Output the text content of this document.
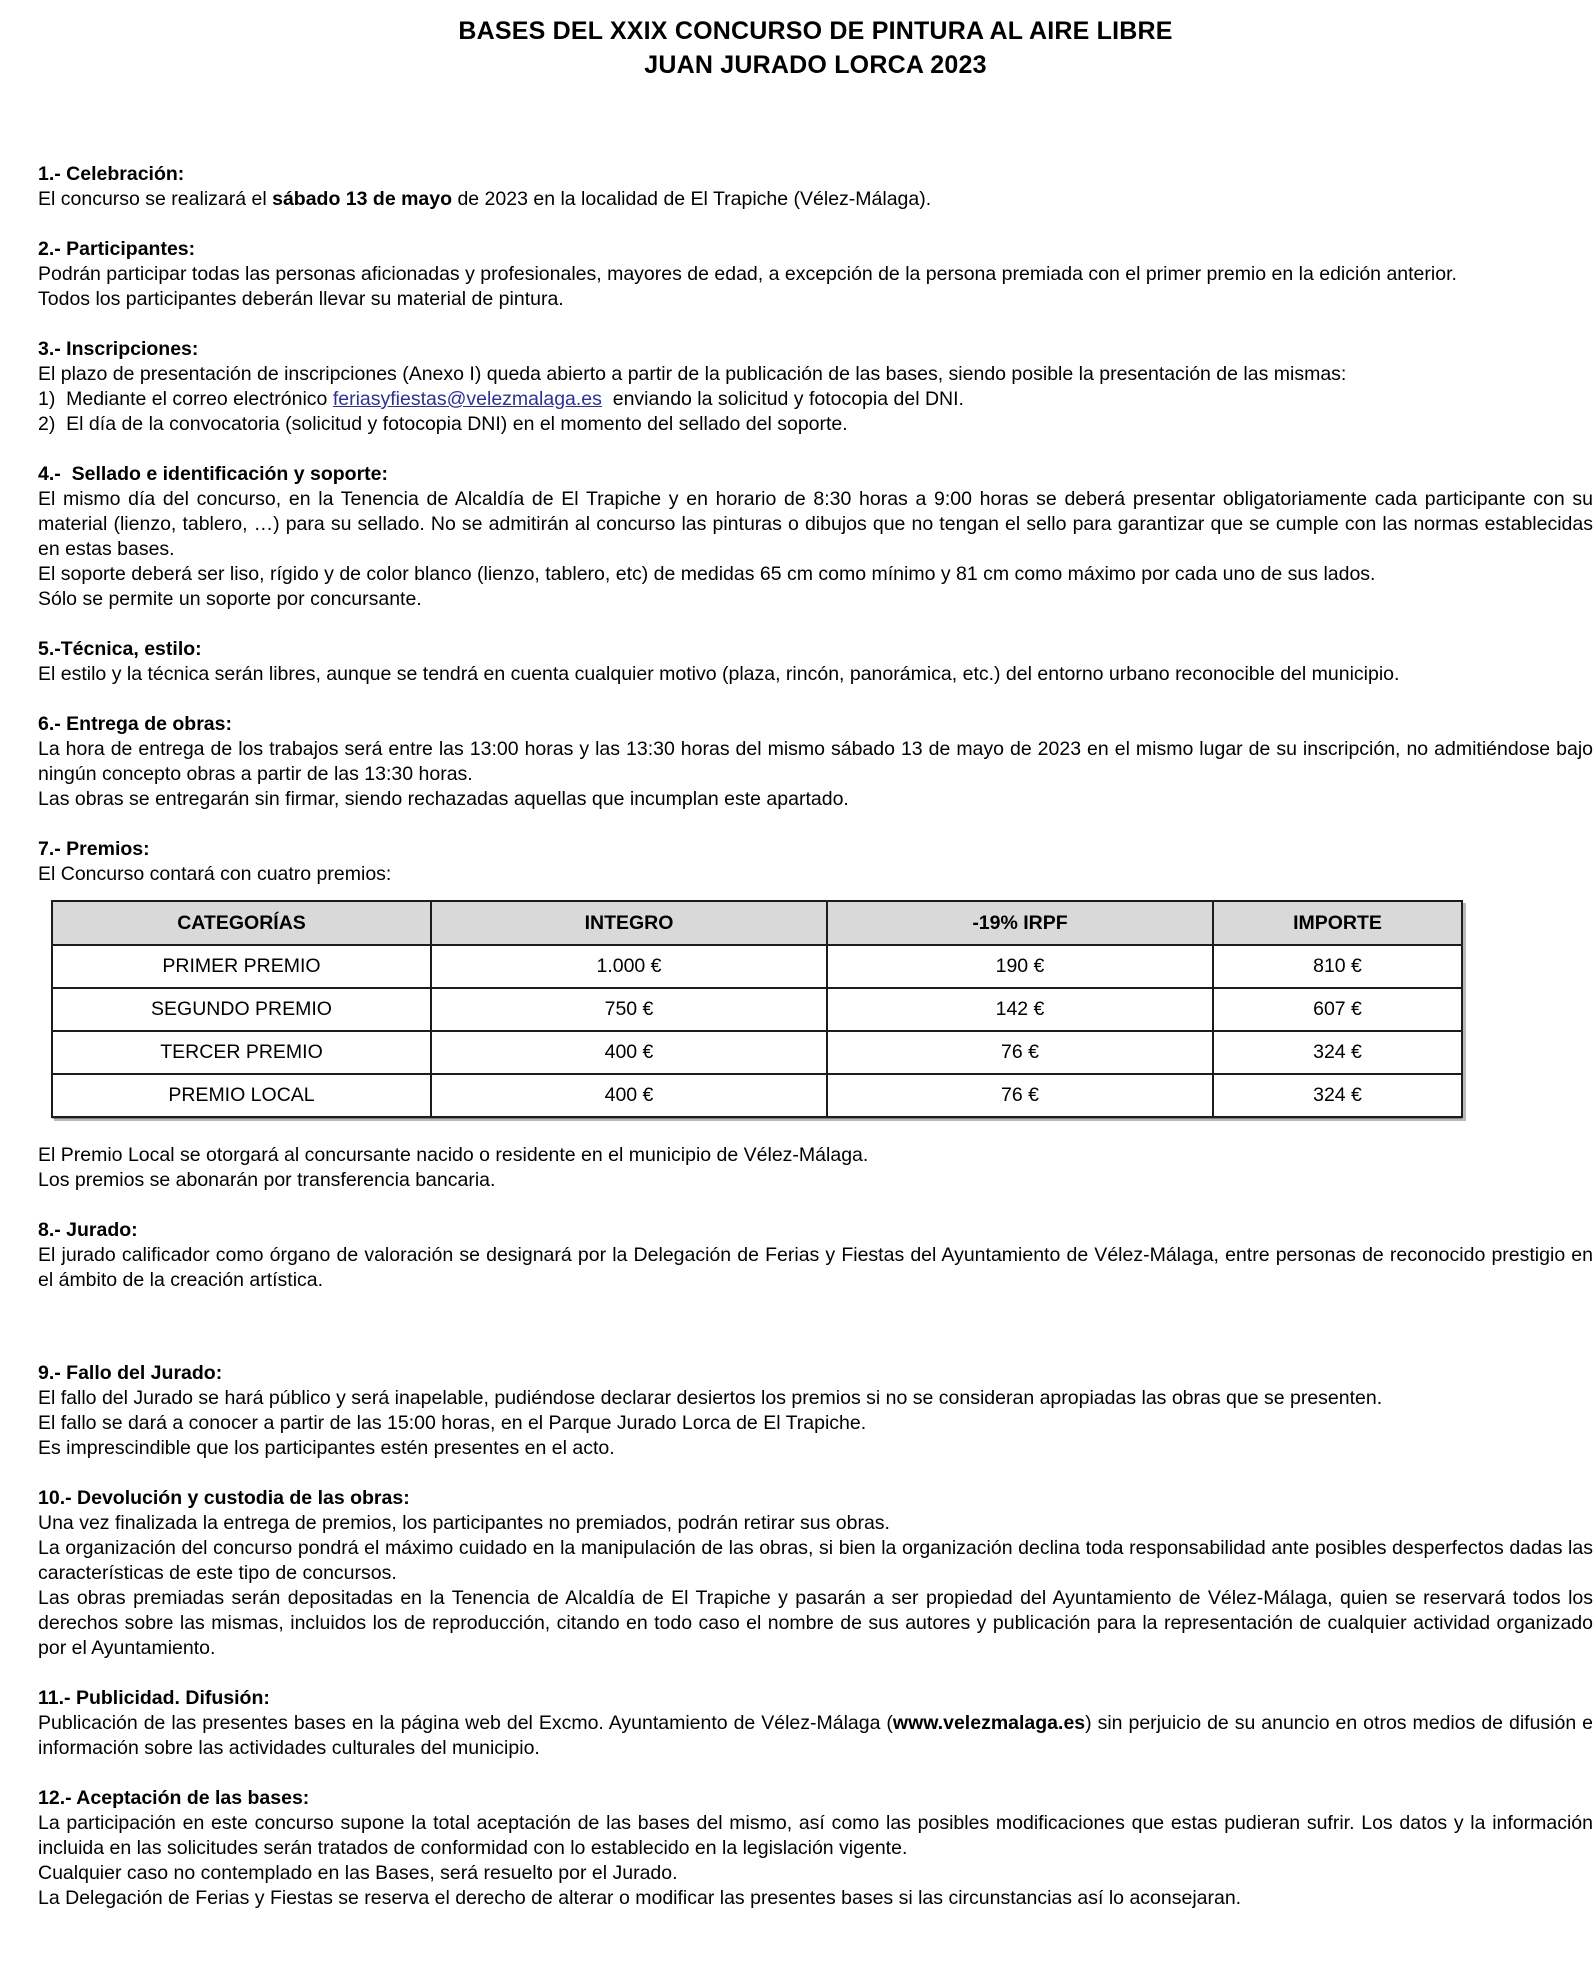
BASES DEL XXIX CONCURSO DE PINTURA AL AIRE LIBRE
JUAN JURADO LORCA 2023

1.- Celebración:

El concurso se realizará el sábado 13 de mayo de 2023 en la localidad de El Trapiche (Vélez-Málaga).

2.- Participantes:

Podrán participar todas las personas aficionadas y profesionales, mayores de edad, a excepción de la persona premiada con el primer premio en la edición anterior.

Todos los participantes deberán llevar su material de pintura.

3.- Inscripciones:

El plazo de presentación de inscripciones (Anexo I) queda abierto a partir de la publicación de las bases, siendo posible la presentación de las mismas:

1)  Mediante el correo electrónico feriasyfiestas@velezmalaga.es  enviando la solicitud y fotocopia del DNI.

2)  El día de la convocatoria (solicitud y fotocopia DNI) en el momento del sellado del soporte.

4.-  Sellado e identificación y soporte:

El mismo día del concurso, en la Tenencia de Alcaldía de El Trapiche y en horario de 8:30 horas a 9:00 horas se deberá presentar obligatoriamente cada participante con su material (lienzo, tablero, …) para su sellado. No se admitirán al concurso las pinturas o dibujos que no tengan el sello para garantizar que se cumple con las normas establecidas en estas bases.

El soporte deberá ser liso, rígido y de color blanco (lienzo, tablero, etc) de medidas 65 cm como mínimo y 81 cm como máximo por cada uno de sus lados.

Sólo se permite un soporte por concursante.

5.-Técnica, estilo:

El estilo y la técnica serán libres, aunque se tendrá en cuenta cualquier motivo (plaza, rincón, panorámica, etc.) del entorno urbano reconocible del municipio.

6.- Entrega de obras:

La hora de entrega de los trabajos será entre las 13:00 horas y las 13:30 horas del mismo sábado 13 de mayo de 2023 en el mismo lugar de su inscripción, no admitiéndose bajo ningún concepto obras a partir de las 13:30 horas.

Las obras se entregarán sin firmar, siendo rechazadas aquellas que incumplan este apartado.

7.- Premios:

El Concurso contará con cuatro premios:

CATEGORÍAS	INTEGRO	-19% IRPF	IMPORTE
PRIMER PREMIO	1.000 €	190 €	810 €
SEGUNDO PREMIO	750 €	142 €	607 €
TERCER PREMIO	400 €	76 €	324 €
PREMIO LOCAL	400 €	76 €	324 €

El Premio Local se otorgará al concursante nacido o residente en el municipio de Vélez-Málaga.

Los premios se abonarán por transferencia bancaria.

8.- Jurado:

El jurado calificador como órgano de valoración se designará por la Delegación de Ferias y Fiestas del Ayuntamiento de Vélez-Málaga, entre personas de reconocido prestigio en el ámbito de la creación artística.

9.- Fallo del Jurado:

El fallo del Jurado se hará público y será inapelable, pudiéndose declarar desiertos los premios si no se consideran apropiadas las obras que se presenten.

El fallo se dará a conocer a partir de las 15:00 horas, en el Parque Jurado Lorca de El Trapiche.

Es imprescindible que los participantes estén presentes en el acto.

10.- Devolución y custodia de las obras:

Una vez finalizada la entrega de premios, los participantes no premiados, podrán retirar sus obras.

La organización del concurso pondrá el máximo cuidado en la manipulación de las obras, si bien la organización declina toda responsabilidad ante posibles desperfectos dadas las características de este tipo de concursos.

Las obras premiadas serán depositadas en la Tenencia de Alcaldía de El Trapiche y pasarán a ser propiedad del Ayuntamiento de Vélez-Málaga, quien se reservará todos los derechos sobre las mismas, incluidos los de reproducción, citando en todo caso el nombre de sus autores y publicación para la representación de cualquier actividad organizado por el Ayuntamiento.

11.- Publicidad. Difusión:

Publicación de las presentes bases en la página web del Excmo. Ayuntamiento de Vélez-Málaga (www.velezmalaga.es) sin perjuicio de su anuncio en otros medios de difusión e información sobre las actividades culturales del municipio.

12.- Aceptación de las bases:

La participación en este concurso supone la total aceptación de las bases del mismo, así como las posibles modificaciones que estas pudieran sufrir. Los datos y la información incluida en las solicitudes serán tratados de conformidad con lo establecido en la legislación vigente.

Cualquier caso no contemplado en las Bases, será resuelto por el Jurado.

La Delegación de Ferias y Fiestas se reserva el derecho de alterar o modificar las presentes bases si las circunstancias así lo aconsejaran.
